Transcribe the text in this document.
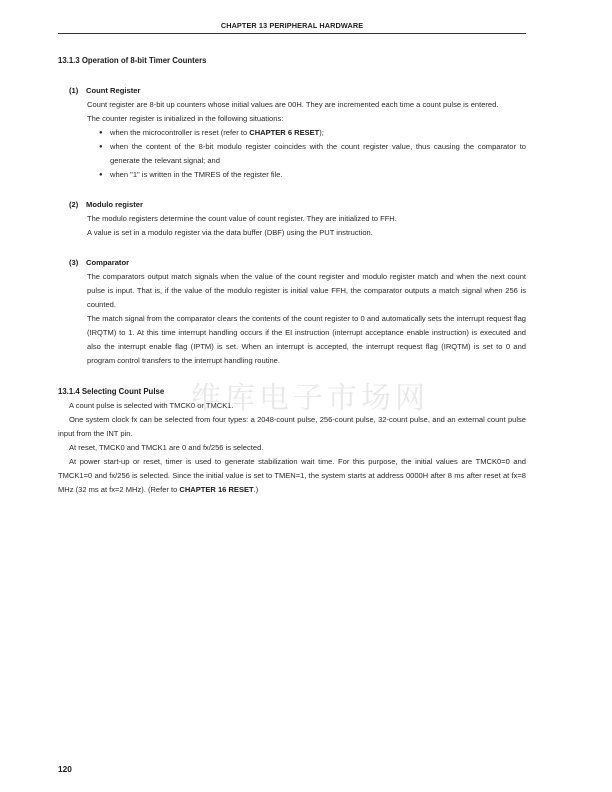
CHAPTER 13 PERIPHERAL HARDWARE

13.1.3 Operation of 8-bit Timer Counters

(1) Count Register

Count register are 8-bit up counters whose initial values are 00H. They are incremented each time a count pulse is entered.

The counter register is initialized in the following situations:

● when the microcontroller is reset (refer to CHAPTER 6 RESET);
● when the content of the 8-bit modulo register coincides with the count register value, thus causing the comparator to generate the relevant signal; and
● when "1" is written in the TMRES of the register file.
(2) Modulo register

The modulo registers determine the count value of count register. They are initialized to FFH.

A value is set in a modulo register via the data buffer (DBF) using the PUT instruction.

(3) Comparator

The comparators output match signals when the value of the count register and modulo register match and when the next count pulse is input. That is, if the value of the modulo register is initial value FFH, the comparator outputs a match signal when 256 is counted.

The match signal from the comparator clears the contents of the count register to 0 and automatically sets the interrupt request flag (IRQTM) to 1. At this time interrupt handling occurs if the EI instruction (interrupt acceptance enable instruction) is executed and also the interrupt enable flag (IPTM) is set. When an interrupt is accepted, the interrupt request flag (IRQTM) is set to 0 and program control transfers to the interrupt handling routine.

13.1.4 Selecting Count Pulse

A count pulse is selected with TMCK0 or TMCK1.

One system clock fx can be selected from four types: a 2048-count pulse, 256-count pulse, 32-count pulse, and an external count pulse input from the INT pin.

At reset, TMCK0 and TMCK1 are 0 and fx/256 is selected.

At power start-up or reset, timer is used to generate stabilization wait time. For this purpose, the initial values are TMCK0=0 and TMCK1=0 and fx/256 is selected. Since the initial value is set to TMEN=1, the system starts at address 0000H after 8 ms after reset at fx=8 MHz (32 ms at fx=2 MHz). (Refer to CHAPTER 16 RESET.)

维库电子市场网
120
